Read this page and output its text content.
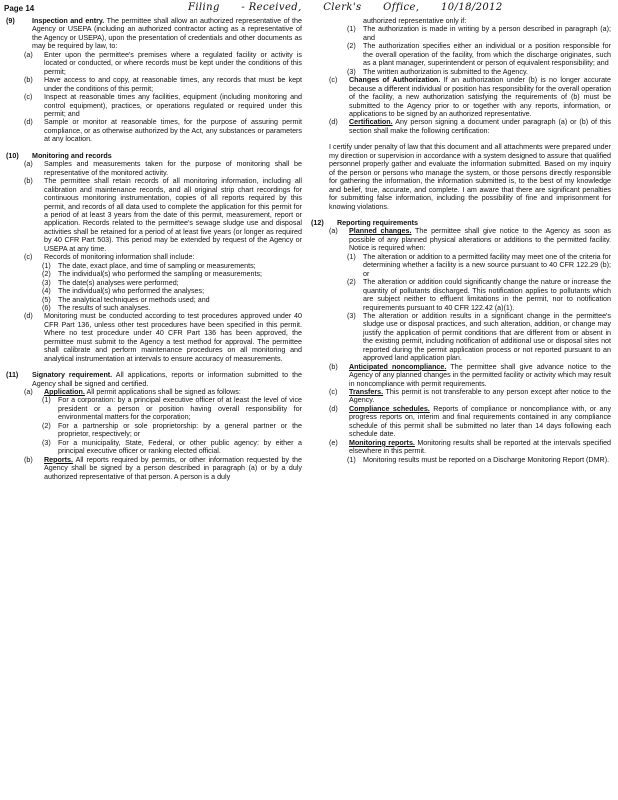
Page 14	Filing - Received, Clerk's Office, 10/18/2012
(9) Inspection and entry. The permittee shall allow an authorized representative of the Agency or USEPA (including an authorized contractor acting as a representative of the Agency or USEPA), upon the presentation of credentials and other documents as may be required by law, to:

(a) Enter upon the permittee's premises where a regulated facility or activity is located or conducted, or where records must be kept under the conditions of this permit;

(b) Have access to and copy, at reasonable times, any records that must be kept under the conditions of this permit;

(c) Inspect at reasonable times any facilities, equipment (including monitoring and control equipment), practices, or operations regulated or required under this permit; and

(d) Sample or monitor at reasonable times, for the purpose of assuring permit compliance, or as otherwise authorized by the Act, any substances or parameters at any location.

(10) Monitoring and records

(a) Samples and measurements taken for the purpose of monitoring shall be representative of the monitored activity.

(b) The permittee shall retain records of all monitoring information, including all calibration and maintenance records, and all original strip chart recordings for continuous monitoring instrumentation, copies of all reports required by this permit, and records of all data used to complete the application for this permit for a period of at least 3 years from the date of this permit, measurement, report or application. Records related to the permittee's sewage sludge use and disposal activities shall be retained for a period of at least five years (or longer as required by 40 CFR Part 503). This period may be extended by request of the Agency or USEPA at any time.

(c) Records of monitoring information shall include:

(1) The date, exact place, and time of sampling or measurements;

(2) The individual(s) who performed the sampling or measurements;

(3) The date(s) analyses were performed;

(4) The individual(s) who performed the analyses;

(5) The analytical techniques or methods used; and

(6) The results of such analyses.

(d) Monitoring must be conducted according to test procedures approved under 40 CFR Part 136, unless other test procedures have been specified in this permit. Where no test procedure under 40 CFR Part 136 has been approved, the permittee must submit to the Agency a test method for approval. The permittee shall calibrate and perform maintenance procedures on all monitoring and analytical instrumentation at intervals to ensure accuracy of measurements.

(11) Signatory requirement. All applications, reports or information submitted to the Agency shall be signed and certified.

(a) Application. All permit applications shall be signed as follows:

(1) For a corporation: by a principal executive officer of at least the level of vice president or a person or position having overall responsibility for environmental matters for the corporation;

(2) For a partnership or sole proprietorship: by a general partner or the proprietor, respectively; or

(3) For a municipality, State, Federal, or other public agency: by either a principal executive officer or ranking elected official.

(b) Reports. All reports required by permits, or other information requested by the Agency shall be signed by a person described in paragraph (a) or by a duly authorized representative of that person. A person is a duly

authorized representative only if:

(1) The authorization is made in writing by a person described in paragraph (a); and

(2) The authorization specifies either an individual or a position responsible for the overall operation of the facility, from which the discharge originates, such as a plant manager, superintendent or person of equivalent responsibility; and

(3) The written authorization is submitted to the Agency.

(c) Changes of Authorization. If an authorization under (b) is no longer accurate because a different individual or position has responsibility for the overall operation of the facility, a new authorization satisfying the requirements of (b) must be submitted to the Agency prior to or together with any reports, information, or applications to be signed by an authorized representative.

(d) Certification. Any person signing a document under paragraph (a) or (b) of this section shall make the following certification:

I certify under penalty of law that this document and all attachments were prepared under my direction or supervision in accordance with a system designed to assure that qualified personnel properly gather and evaluate the information submitted. Based on my inquiry of the person or persons who manage the system, or those persons directly responsible for gathering the information, the information submitted is, to the best of my knowledge and belief, true, accurate, and complete. I am aware that there are significant penalties for submitting false information, including the possibility of fine and imprisonment for knowing violations.

(12) Reporting requirements

(a) Planned changes. The permittee shall give notice to the Agency as soon as possible of any planned physical alterations or additions to the permitted facility. Notice is required when:

(1) The alteration or addition to a permitted facility may meet one of the criteria for determining whether a facility is a new source pursuant to 40 CFR 122.29 (b); or

(2) The alteration or addition could significantly change the nature or increase the quantity of pollutants discharged. This notification applies to pollutants which are subject neither to effluent limitations in the permit, nor to notification requirements pursuant to 40 CFR 122.42 (a)(1).

(3) The alteration or addition results in a significant change in the permittee's sludge use or disposal practices, and such alteration, addition, or change may justify the application of permit conditions that are different from or absent in the existing permit, including notification of additional use or disposal sites not reported during the permit application process or not reported pursuant to an approved land application plan.

(b) Anticipated noncompliance. The permittee shall give advance notice to the Agency of any planned changes in the permitted facility or activity which may result in noncompliance with permit requirements.

(c) Transfers. This permit is not transferable to any person except after notice to the Agency.

(d) Compliance schedules. Reports of compliance or noncompliance with, or any progress reports on, interim and final requirements contained in any compliance schedule of this permit shall be submitted no later than 14 days following each schedule date.

(e) Monitoring reports. Monitoring results shall be reported at the intervals specified elsewhere in this permit.

(1) Monitoring results must be reported on a Discharge Monitoring Report (DMR).
